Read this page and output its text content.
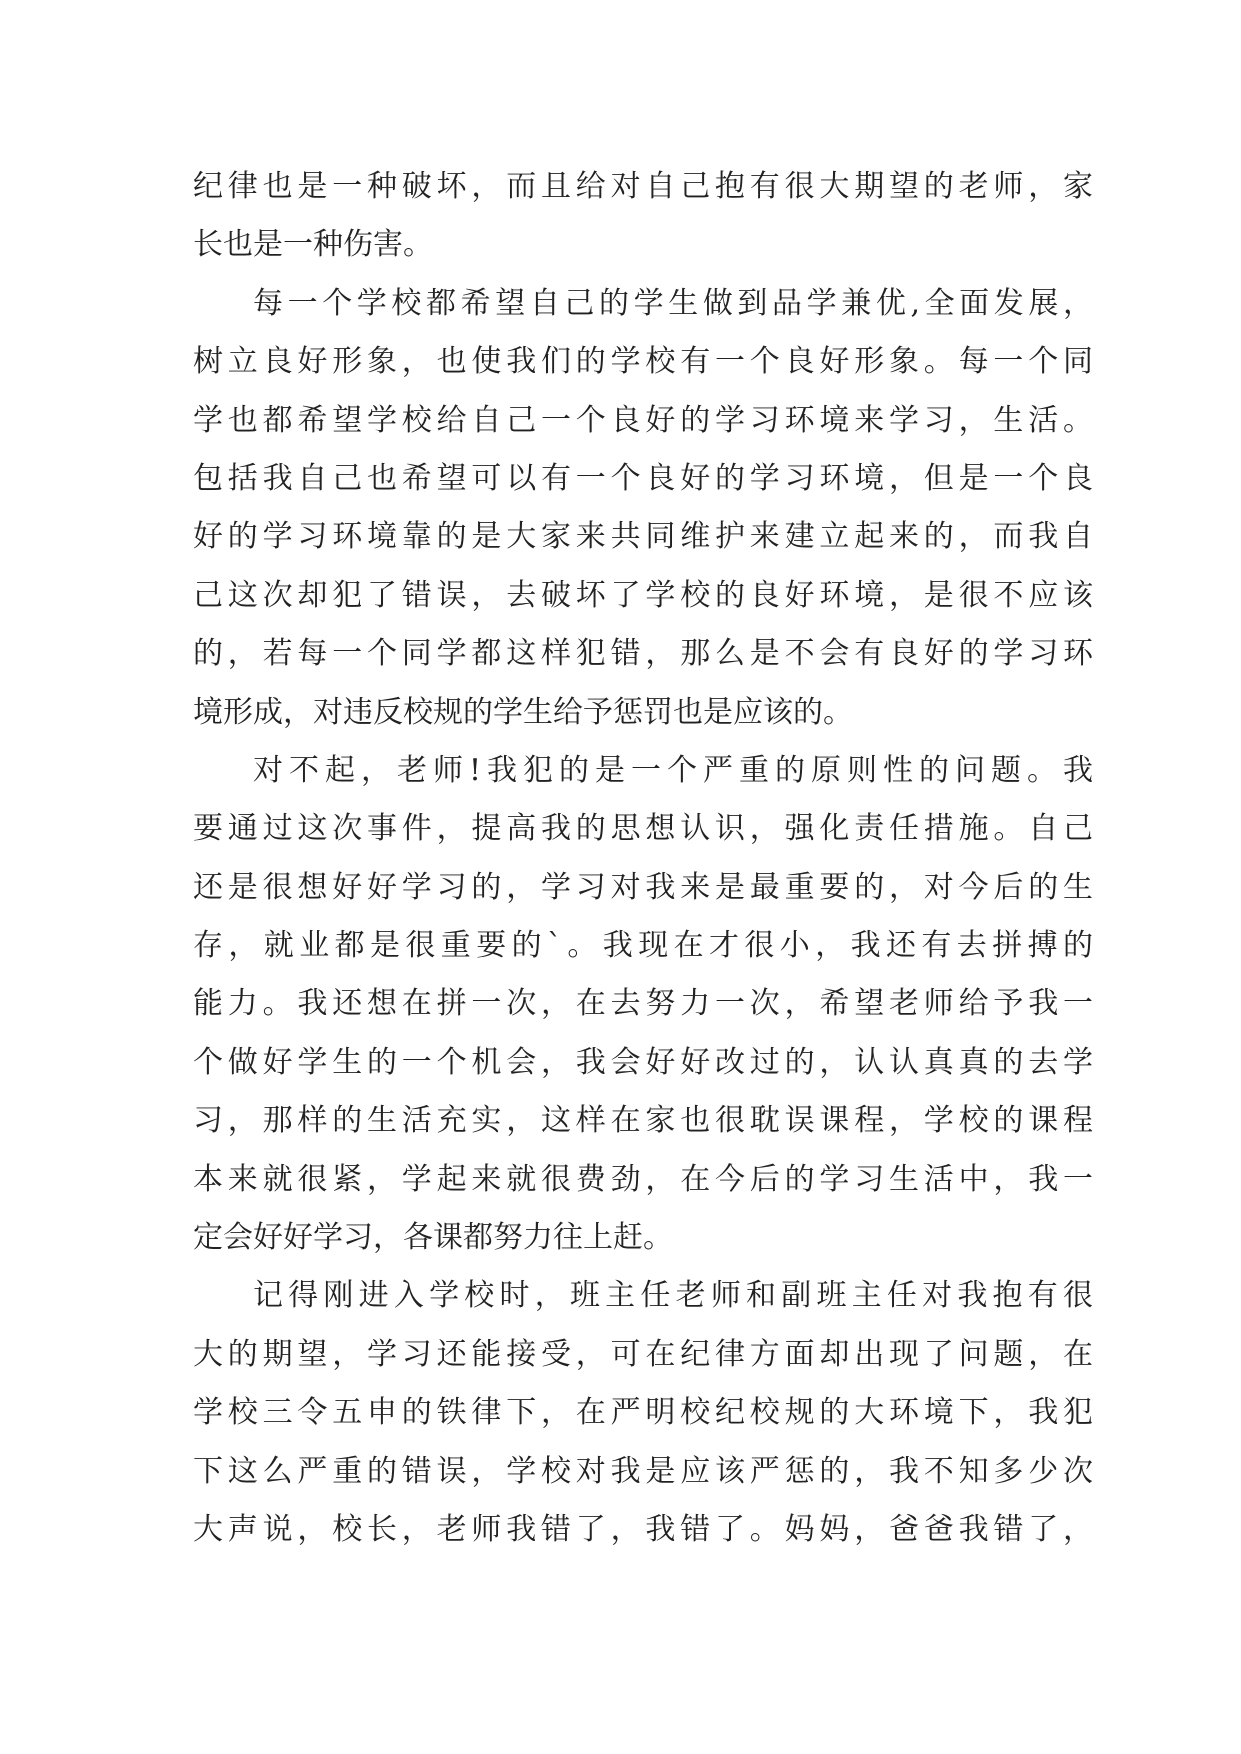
纪律也是一种破坏，而且给对自己抱有很大期望的老师，家

长也是一种伤害。

每一个学校都希望自己的学生做到品学兼优,全面发展，

树立良好形象，也使我们的学校有一个良好形象。每一个同

学也都希望学校给自己一个良好的学习环境来学习，生活。

包括我自己也希望可以有一个良好的学习环境，但是一个良

好的学习环境靠的是大家来共同维护来建立起来的，而我自

己这次却犯了错误，去破坏了学校的良好环境，是很不应该

的，若每一个同学都这样犯错，那么是不会有良好的学习环

境形成，对违反校规的学生给予惩罚也是应该的。

对不起，老师!我犯的是一个严重的原则性的问题。我

要通过这次事件，提高我的思想认识，强化责任措施。自己

还是很想好好学习的，学习对我来是最重要的，对今后的生

存，就业都是很重要的`。我现在才很小，我还有去拼搏的

能力。我还想在拼一次，在去努力一次，希望老师给予我一

个做好学生的一个机会，我会好好改过的，认认真真的去学

习，那样的生活充实，这样在家也很耽误课程，学校的课程

本来就很紧，学起来就很费劲，在今后的学习生活中，我一

定会好好学习，各课都努力往上赶。

记得刚进入学校时，班主任老师和副班主任对我抱有很

大的期望，学习还能接受，可在纪律方面却出现了问题，在

学校三令五申的铁律下，在严明校纪校规的大环境下，我犯

下这么严重的错误，学校对我是应该严惩的，我不知多少次

大声说，校长，老师我错了，我错了。妈妈，爸爸我错了，
